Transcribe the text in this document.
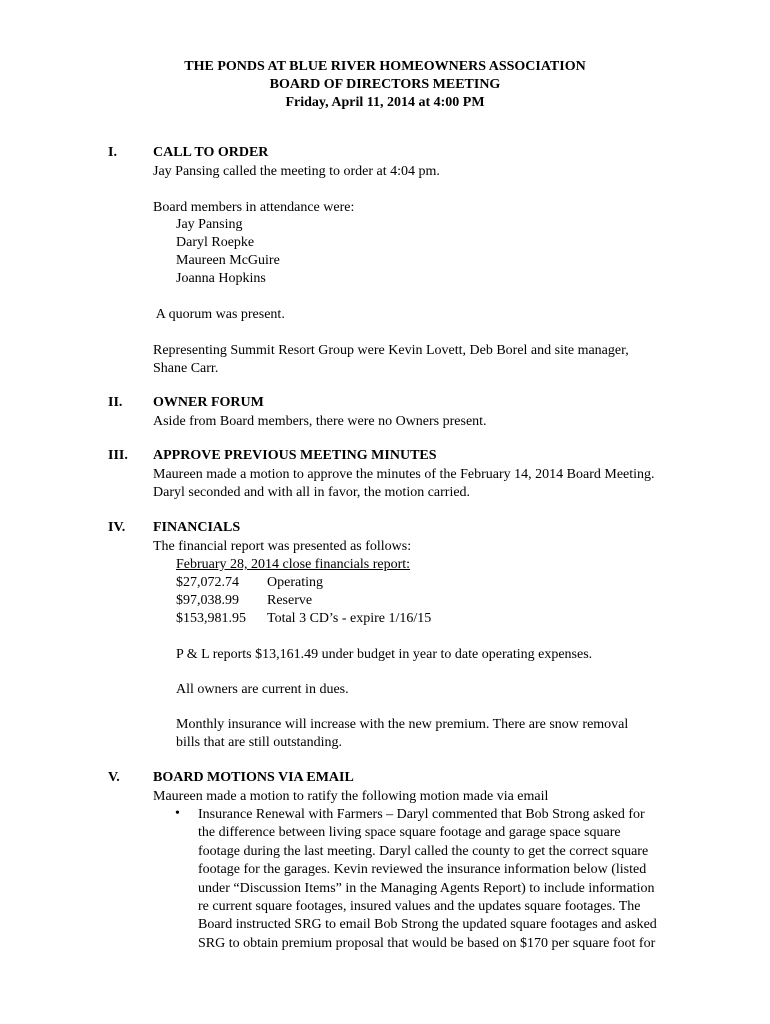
THE PONDS AT BLUE RIVER HOMEOWNERS ASSOCIATION
BOARD OF DIRECTORS MEETING
Friday, April 11, 2014 at 4:00 PM
I.	CALL TO ORDER
Jay Pansing called the meeting to order at 4:04 pm.
Board members in attendance were:
Jay Pansing
Daryl Roepke
Maureen McGuire
Joanna Hopkins
A quorum was present.
Representing Summit Resort Group were Kevin Lovett, Deb Borel and site manager,
Shane Carr.
II. OWNER FORUM
Aside from Board members, there were no Owners present.
III. APPROVE PREVIOUS MEETING MINUTES
Maureen made a motion to approve the minutes of the February 14, 2014 Board Meeting.
Daryl seconded and with all in favor, the motion carried.
IV. FINANCIALS
The financial report was presented as follows:
February 28, 2014 close financials report:
$27,072.74 Operating
$97,038.99 Reserve
$153,981.95 Total 3 CD’s - expire 1/16/15
P & L reports $13,161.49 under budget in year to date operating expenses.
All owners are current in dues.
Monthly insurance will increase with the new premium. There are snow removal
bills that are still outstanding.
V. BOARD MOTIONS VIA EMAIL
Maureen made a motion to ratify the following motion made via email
• Insurance Renewal with Farmers – Daryl commented that Bob Strong asked for
the difference between living space square footage and garage space square
footage during the last meeting. Daryl called the county to get the correct square
footage for the garages. Kevin reviewed the insurance information below (listed
under “Discussion Items” in the Managing Agents Report) to include information
re current square footages, insured values and the updates square footages. The
Board instructed SRG to email Bob Strong the updated square footages and asked
SRG to obtain premium proposal that would be based on $170 per square foot for
